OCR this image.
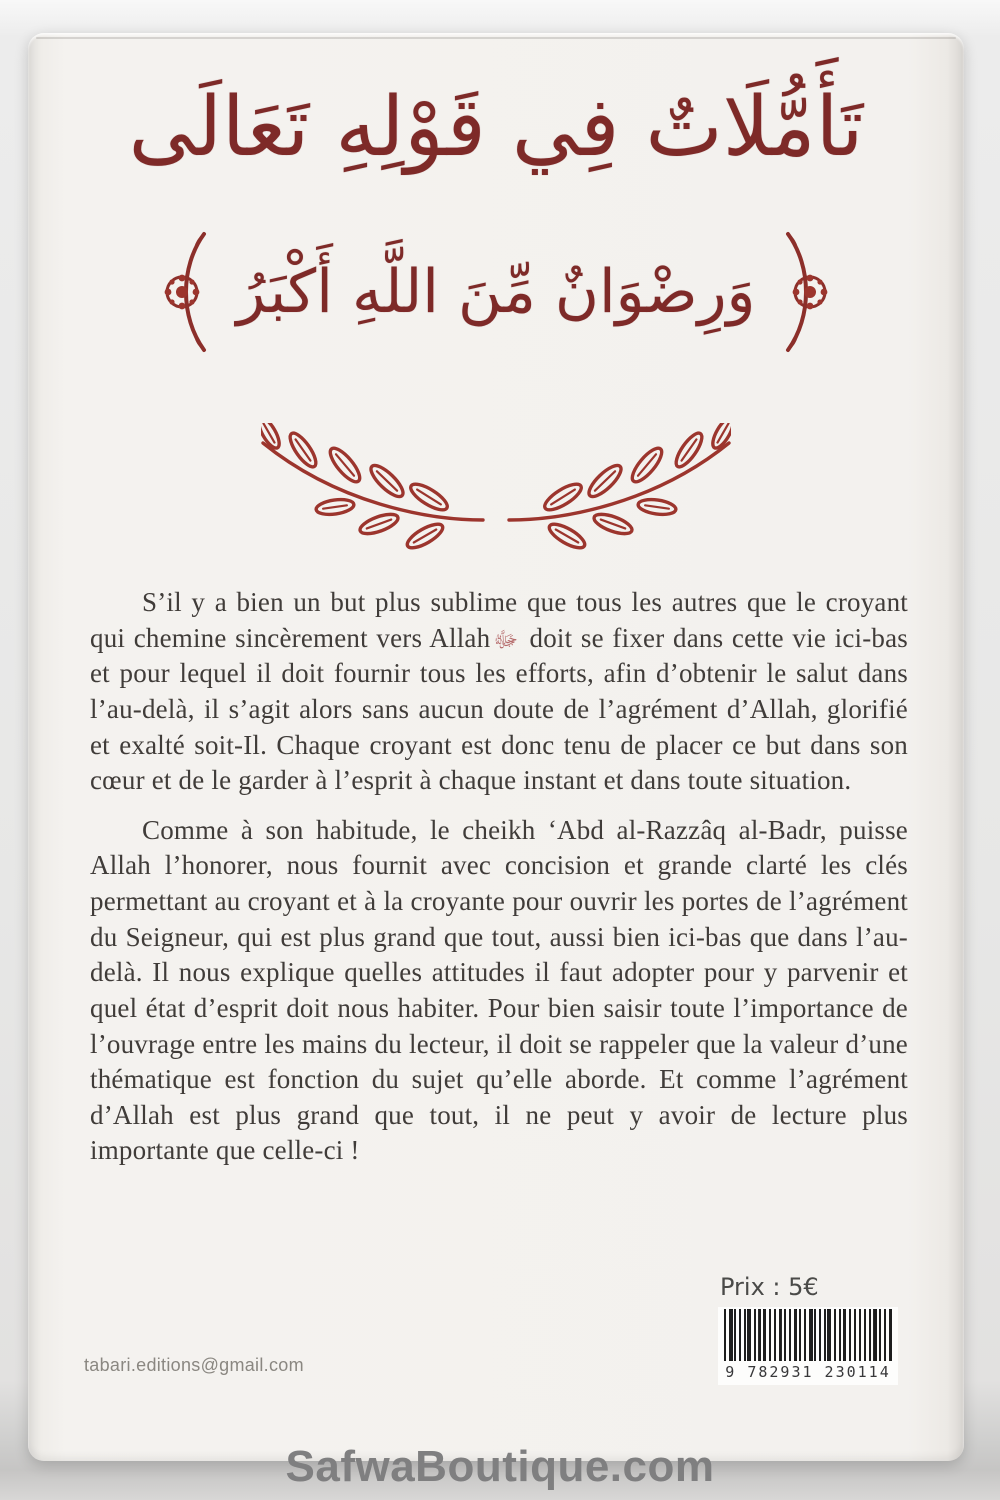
تَأَمُّلَاتٌ فِي قَوْلِهِ تَعَالَى
وَرِضْوَانٌ مِّنَ اللَّهِ أَكْبَرُ

S’il y a bien un but plus sublime que tous les autres que le croyant qui chemine sincèrement vers Allah ﷻ doit se fixer dans cette vie ici-bas et pour lequel il doit fournir tous les efforts, afin d’obtenir le salut dans l’au-delà, il s’agit alors sans aucun doute de l’agrément d’Allah, glorifié et exalté soit-Il. Chaque croyant est donc tenu de placer ce but dans son cœur et de le garder à l’esprit à chaque instant et dans toute situation.

Comme à son habitude, le cheikh ‘Abd al-Razzâq al-Badr, puisse Allah l’honorer, nous fournit avec concision et grande clarté les clés permettant au croyant et à la croyante pour ouvrir les portes de l’agrément du Seigneur, qui est plus grand que tout, aussi bien ici-bas que dans l’au-delà. Il nous explique quelles attitudes il faut adopter pour y parvenir et quel état d’esprit doit nous habiter. Pour bien saisir toute l’importance de l’ouvrage entre les mains du lecteur, il doit se rappeler que la valeur d’une thématique est fonction du sujet qu’elle aborde. Et comme l’agrément d’Allah est plus grand que tout, il ne peut y avoir de lecture plus importante que celle-ci !

tabari.editions@gmail.com
Prix : 5€
9 782931 230114
SafwaBoutique.com
